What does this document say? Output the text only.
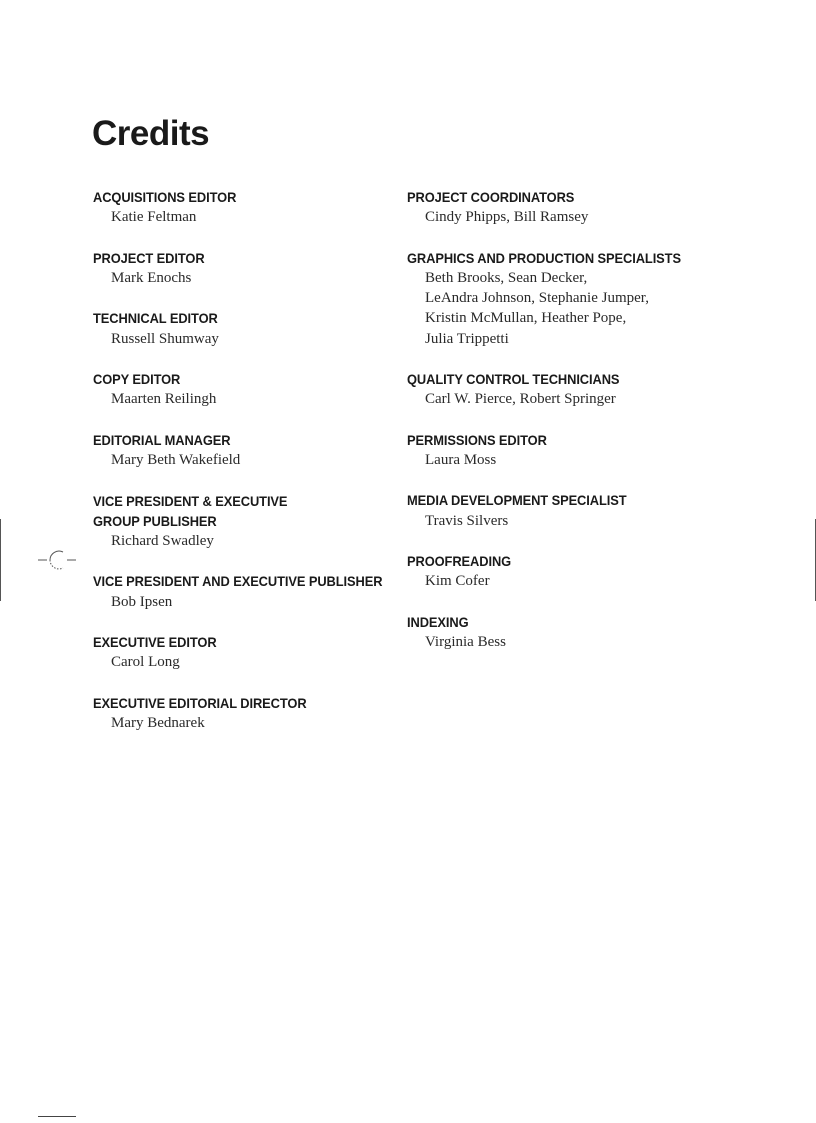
Credits
ACQUISITIONS EDITOR
Katie Feltman
PROJECT EDITOR
Mark Enochs
TECHNICAL EDITOR
Russell Shumway
COPY EDITOR
Maarten Reilingh
EDITORIAL MANAGER
Mary Beth Wakefield
VICE PRESIDENT & EXECUTIVE
GROUP PUBLISHER
Richard Swadley
VICE PRESIDENT AND EXECUTIVE PUBLISHER
Bob Ipsen
EXECUTIVE EDITOR
Carol Long
EXECUTIVE EDITORIAL DIRECTOR
Mary Bednarek
PROJECT COORDINATORS
Cindy Phipps, Bill Ramsey
GRAPHICS AND PRODUCTION SPECIALISTS
Beth Brooks, Sean Decker,
LeAndra Johnson, Stephanie Jumper,
Kristin McMullan, Heather Pope,
Julia Trippetti
QUALITY CONTROL TECHNICIANS
Carl W. Pierce, Robert Springer
PERMISSIONS EDITOR
Laura Moss
MEDIA DEVELOPMENT SPECIALIST
Travis Silvers
PROOFREADING
Kim Cofer
INDEXING
Virginia Bess
